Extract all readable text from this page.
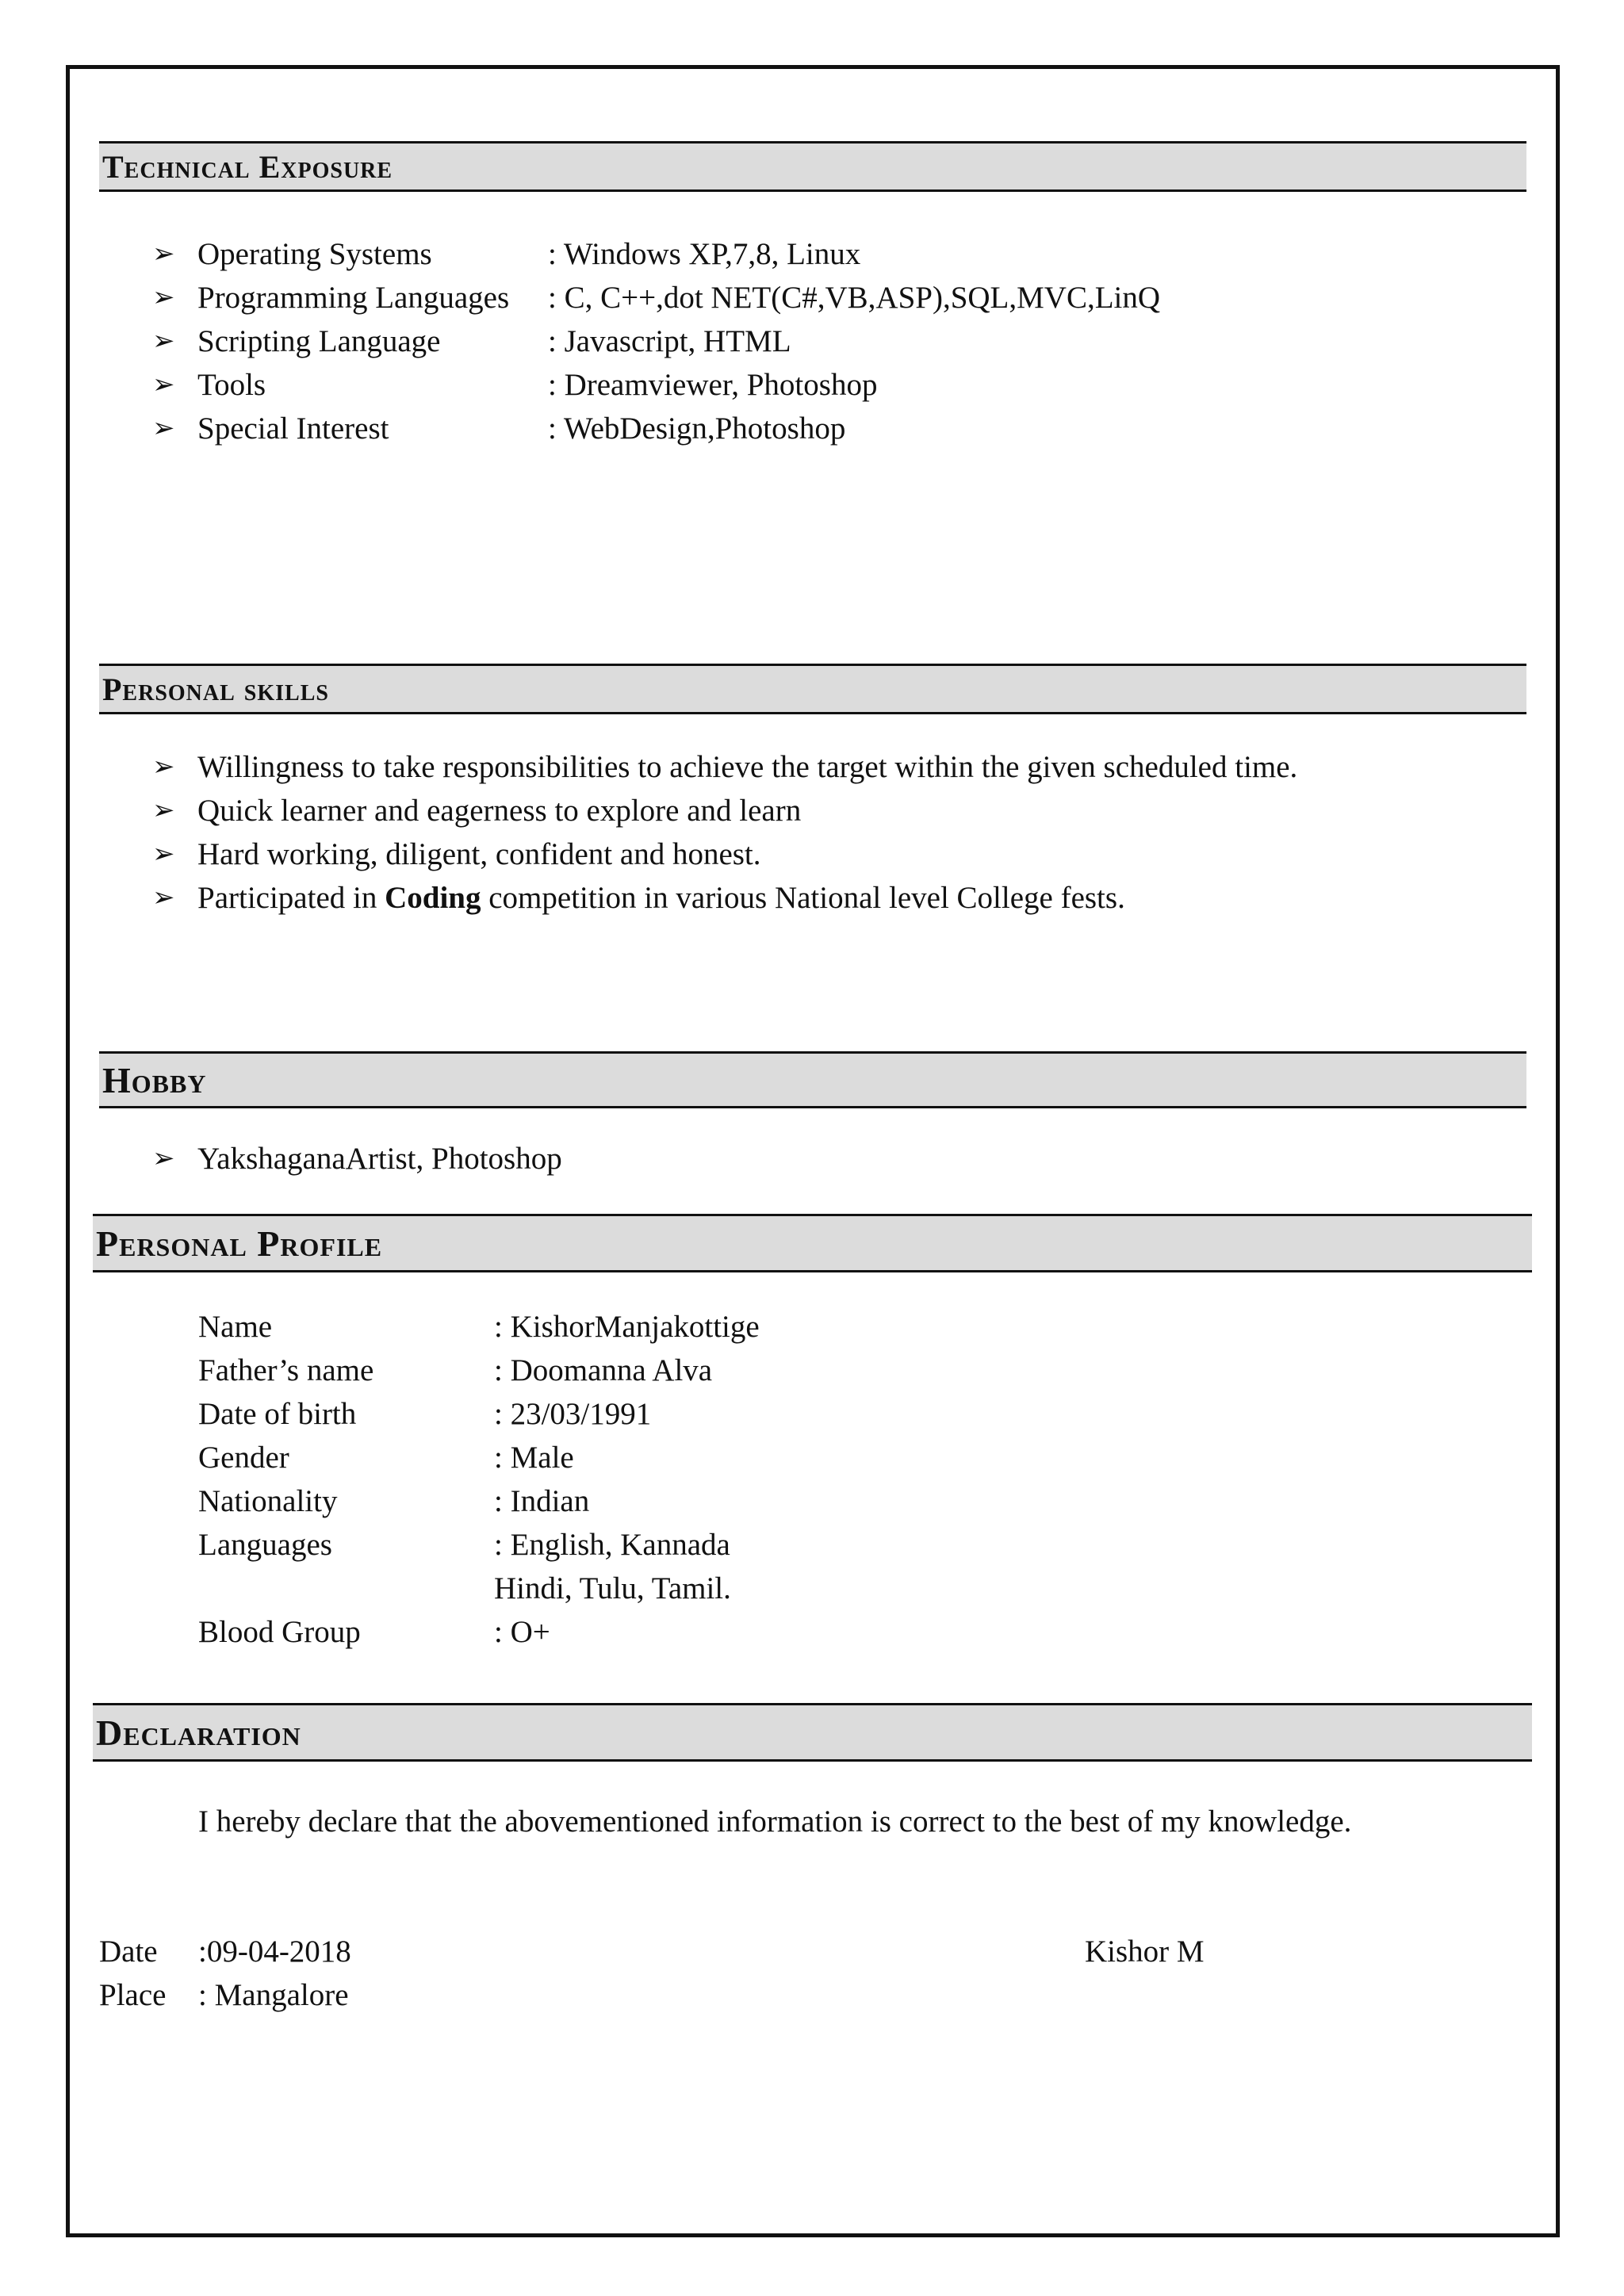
Technical Exposure
➢ Operating Systems	: Windows XP,7,8, Linux
➢ Programming Languages : C, C++,dot NET(C#,VB,ASP),SQL,MVC,LinQ
➢ Scripting Language	: Javascript, HTML
➢ Tools	: Dreamviewer, Photoshop
➢ Special Interest	: WebDesign,Photoshop
Personal skills
➢ Willingness to take responsibilities to achieve the target within the given scheduled time.
➢ Quick learner and eagerness to explore and learn
➢ Hard working, diligent, confident and honest.
➢ Participated in Coding competition in various National level College fests.
Hobby
➢ YakshaganaArtist, Photoshop
Personal Profile
Name	: KishorManjakottige
Father’s name	: Doomanna Alva
Date of birth	: 23/03/1991
Gender	: Male
Nationality	: Indian
Languages	: English, Kannada
Hindi, Tulu, Tamil.
Blood Group	: O+
Declaration
I hereby declare that the abovementioned information is correct to the best of my knowledge.
Date :09-04-2018
Place : Mangalore
Kishor M
